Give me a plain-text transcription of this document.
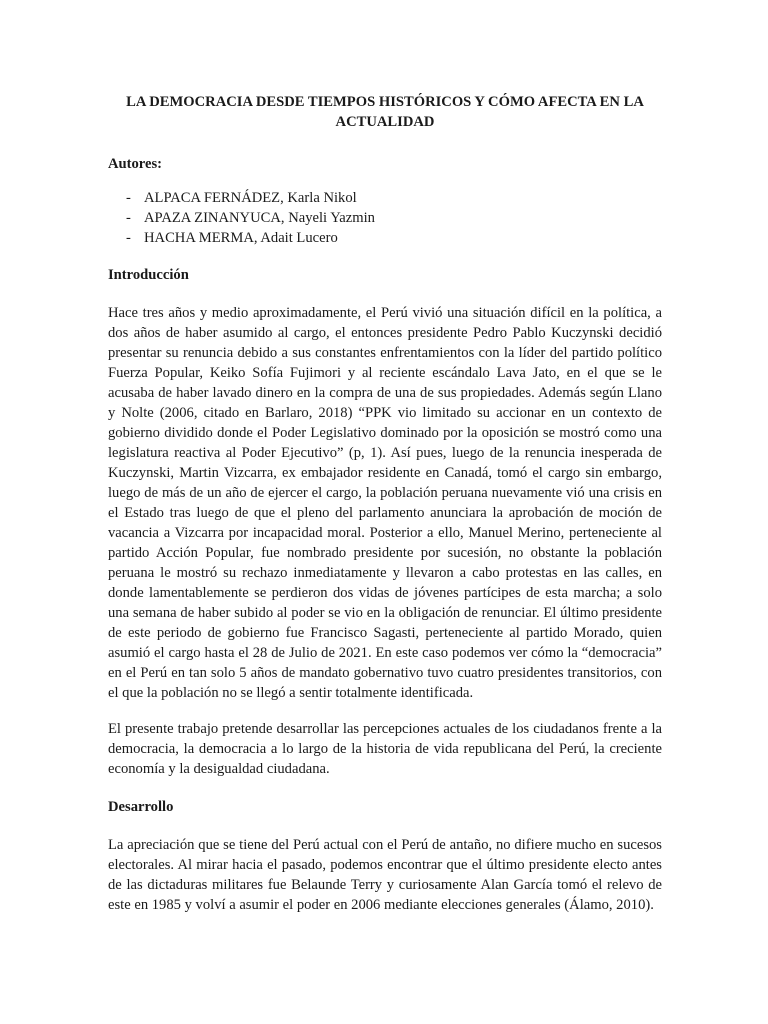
LA DEMOCRACIA DESDE TIEMPOS HISTÓRICOS Y CÓMO AFECTA EN LA ACTUALIDAD

Autores:

- ALPACA FERNÁDEZ, Karla Nikol
- APAZA ZINANYUCA, Nayeli Yazmin
- HACHA MERMA, Adait Lucero

Introducción

Hace tres años y medio aproximadamente, el Perú vivió una situación difícil en la política, a dos años de haber asumido al cargo, el entonces presidente Pedro Pablo Kuczynski decidió presentar su renuncia debido a sus constantes enfrentamientos con la líder del partido político Fuerza Popular, Keiko Sofía Fujimori y al reciente escándalo Lava Jato, en el que se le acusaba de haber lavado dinero en la compra de una de sus propiedades. Además según Llano y Nolte (2006, citado en Barlaro, 2018) “PPK vio limitado su accionar en un contexto de gobierno dividido donde el Poder Legislativo dominado por la oposición se mostró como una legislatura reactiva al Poder Ejecutivo” (p, 1). Así pues, luego de la renuncia inesperada de Kuczynski, Martin Vizcarra, ex embajador residente en Canadá, tomó el cargo sin embargo, luego de más de un año de ejercer el cargo, la población peruana nuevamente vió una crisis en el Estado tras luego de que el pleno del parlamento anunciara la aprobación de moción de vacancia a Vizcarra por incapacidad moral. Posterior a ello, Manuel Merino, perteneciente al partido Acción Popular, fue nombrado presidente por sucesión, no obstante la población peruana le mostró su rechazo inmediatamente y llevaron a cabo protestas en las calles, en donde lamentablemente se perdieron dos vidas de jóvenes partícipes de esta marcha; a solo una semana de haber subido al poder se vio en la obligación de renunciar. El último presidente de este periodo de gobierno fue Francisco Sagasti, perteneciente al partido Morado, quien asumió el cargo hasta el 28 de Julio de 2021. En este caso podemos ver cómo la “democracia” en el Perú en tan solo 5 años de mandato gobernativo tuvo cuatro presidentes transitorios, con el que la población no se llegó a sentir totalmente identificada.

El presente trabajo pretende desarrollar las percepciones actuales de los ciudadanos frente a la democracia, la democracia a lo largo de la historia de vida republicana del Perú, la creciente economía y la desigualdad ciudadana.

Desarrollo

La apreciación que se tiene del Perú actual con el Perú de antaño, no difiere mucho en sucesos electorales. Al mirar hacia el pasado, podemos encontrar que el último presidente electo antes de las dictaduras militares fue Belaunde Terry y curiosamente Alan García tomó el relevo de este en 1985 y volví a asumir el poder en 2006 mediante elecciones generales (Álamo, 2010).
